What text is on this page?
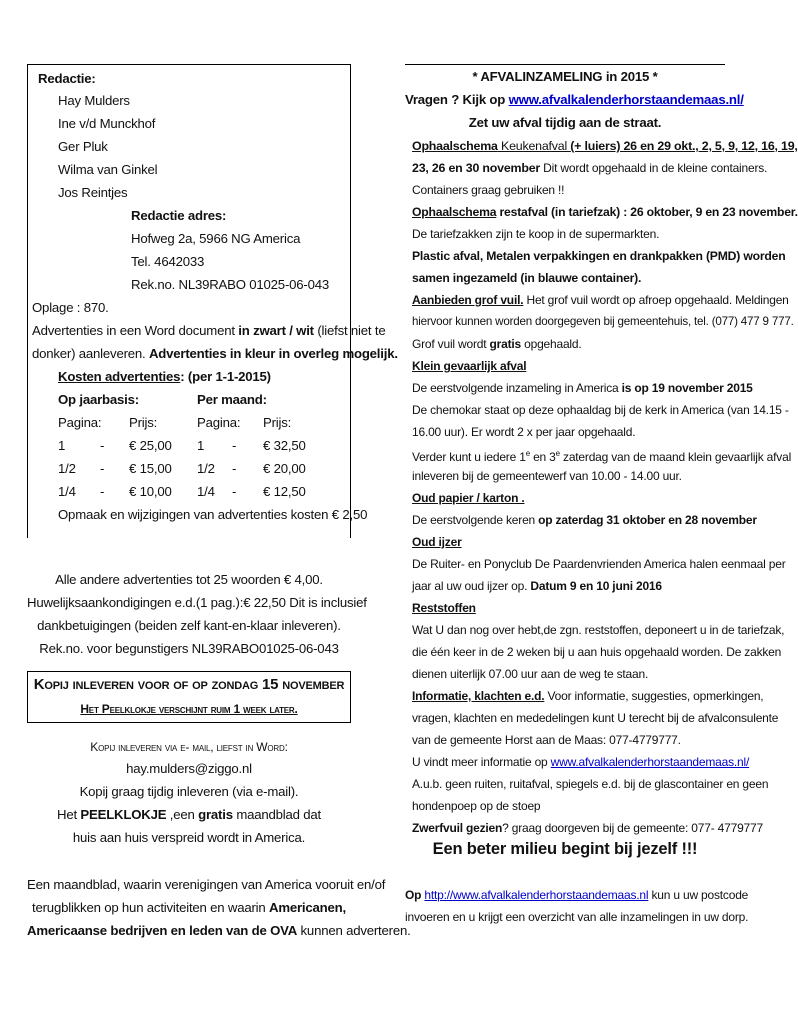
Redactie:
Hay Mulders
Ine v/d Munckhof
Ger Pluk
Wilma van Ginkel
Jos Reintjes
Redactie adres:
Hofweg 2a, 5966 NG America
Tel. 4642033
Rek.no. NL39RABO 01025-06-043
Oplage : 870.
Advertenties in een Word document in zwart / wit (liefst niet te
donker) aanleveren. Advertenties in kleur in overleg mogelijk.
Kosten advertenties: (per 1-1-2015)
Op jaarbasis:	Per maand:
Pagina: Prijs:	Pagina: Prijs:
1	- € 25,00 1 - € 32,50
1/2 - € 15,00 1/2 - € 20,00
1/4 - € 10,00 1/4 - € 12,50
Opmaak en wijzigingen van advertenties kosten € 2,50
Alle andere advertenties tot 25 woorden € 4,00.
Huwelijksaankondigingen e.d.(1 pag.):€ 22,50 Dit is inclusief
dankbetuigingen (beiden zelf kant-en-klaar inleveren).
Rek.no. voor begunstigers NL39RABO01025-06-043
Kopij inleveren voor of op zondag 15 november
Het Peelklokje verschijnt ruim 1 week later.
Kopij inleveren via e- mail, liefst in Word:
hay.mulders@ziggo.nl
Kopij graag tijdig inleveren (via e-mail).
Het PEELKLOKJE ,een gratis maandblad dat
huis aan huis verspreid wordt in America.
Een maandblad, waarin verenigingen van America vooruit en/of
terugblikken op hun activiteiten en waarin Americanen,
Americaanse bedrijven en leden van de OVA kunnen adverteren.
* AFVALINZAMELING in 2015 *
Vragen ? Kijk op www.afvalkalenderhorstaandemaas.nl/
Zet uw afval tijdig aan de straat.
Ophaalschema Keukenafval (+ luiers) 26 en 29 okt., 2, 5, 9, 12, 16, 19,
23, 26 en 30 november Dit wordt opgehaald in de kleine containers.
Containers graag gebruiken !!
Ophaalschema restafval (in tariefzak) : 26 oktober, 9 en 23 november.
De tariefzakken zijn te koop in de supermarkten.
Plastic afval, Metalen verpakkingen en drankpakken (PMD) worden
samen ingezameld (in blauwe container).
Aanbieden grof vuil. Het grof vuil wordt op afroep opgehaald. Meldingen
hiervoor kunnen worden doorgegeven bij gemeentehuis, tel. (077) 477 9 777.
Grof vuil wordt gratis opgehaald.
Klein gevaarlijk afval
De eerstvolgende inzameling in America is op 19 november 2015
De chemokar staat op deze ophaaldag bij de kerk in America (van 14.15 -
16.00 uur). Er wordt 2 x per jaar opgehaald.
Verder kunt u iedere 1e en 3e zaterdag van de maand klein gevaarlijk afval
inleveren bij de gemeentewerf van 10.00 - 14.00 uur.
Oud papier / karton .
De eerstvolgende keren op zaterdag 31 oktober en 28 november
Oud ijzer
De Ruiter- en Ponyclub De Paardenvrienden America halen eenmaal per
jaar al uw oud ijzer op. Datum 9 en 10 juni 2016
Reststoffen
Wat U dan nog over hebt,de zgn. reststoffen, deponeert u in de tariefzak,
die één keer in de 2 weken bij u aan huis opgehaald worden. De zakken
dienen uiterlijk 07.00 uur aan de weg te staan.
Informatie, klachten e.d. Voor informatie, suggesties, opmerkingen,
vragen, klachten en mededelingen kunt U terecht bij de afvalconsulente
van de gemeente Horst aan de Maas: 077-4779777.
U vindt meer informatie op www.afvalkalenderhorstaandemaas.nl/
A.u.b. geen ruiten, ruitafval, spiegels e.d. bij de glascontainer en geen
hondenpoep op de stoep
Zwerfvuil gezien? graag doorgeven bij de gemeente: 077- 4779777
Een beter milieu begint bij jezelf !!!
Op http://www.afvalkalenderhorstaandemaas.nl kun u uw postcode
invoeren en u krijgt een overzicht van alle inzamelingen in uw dorp.
